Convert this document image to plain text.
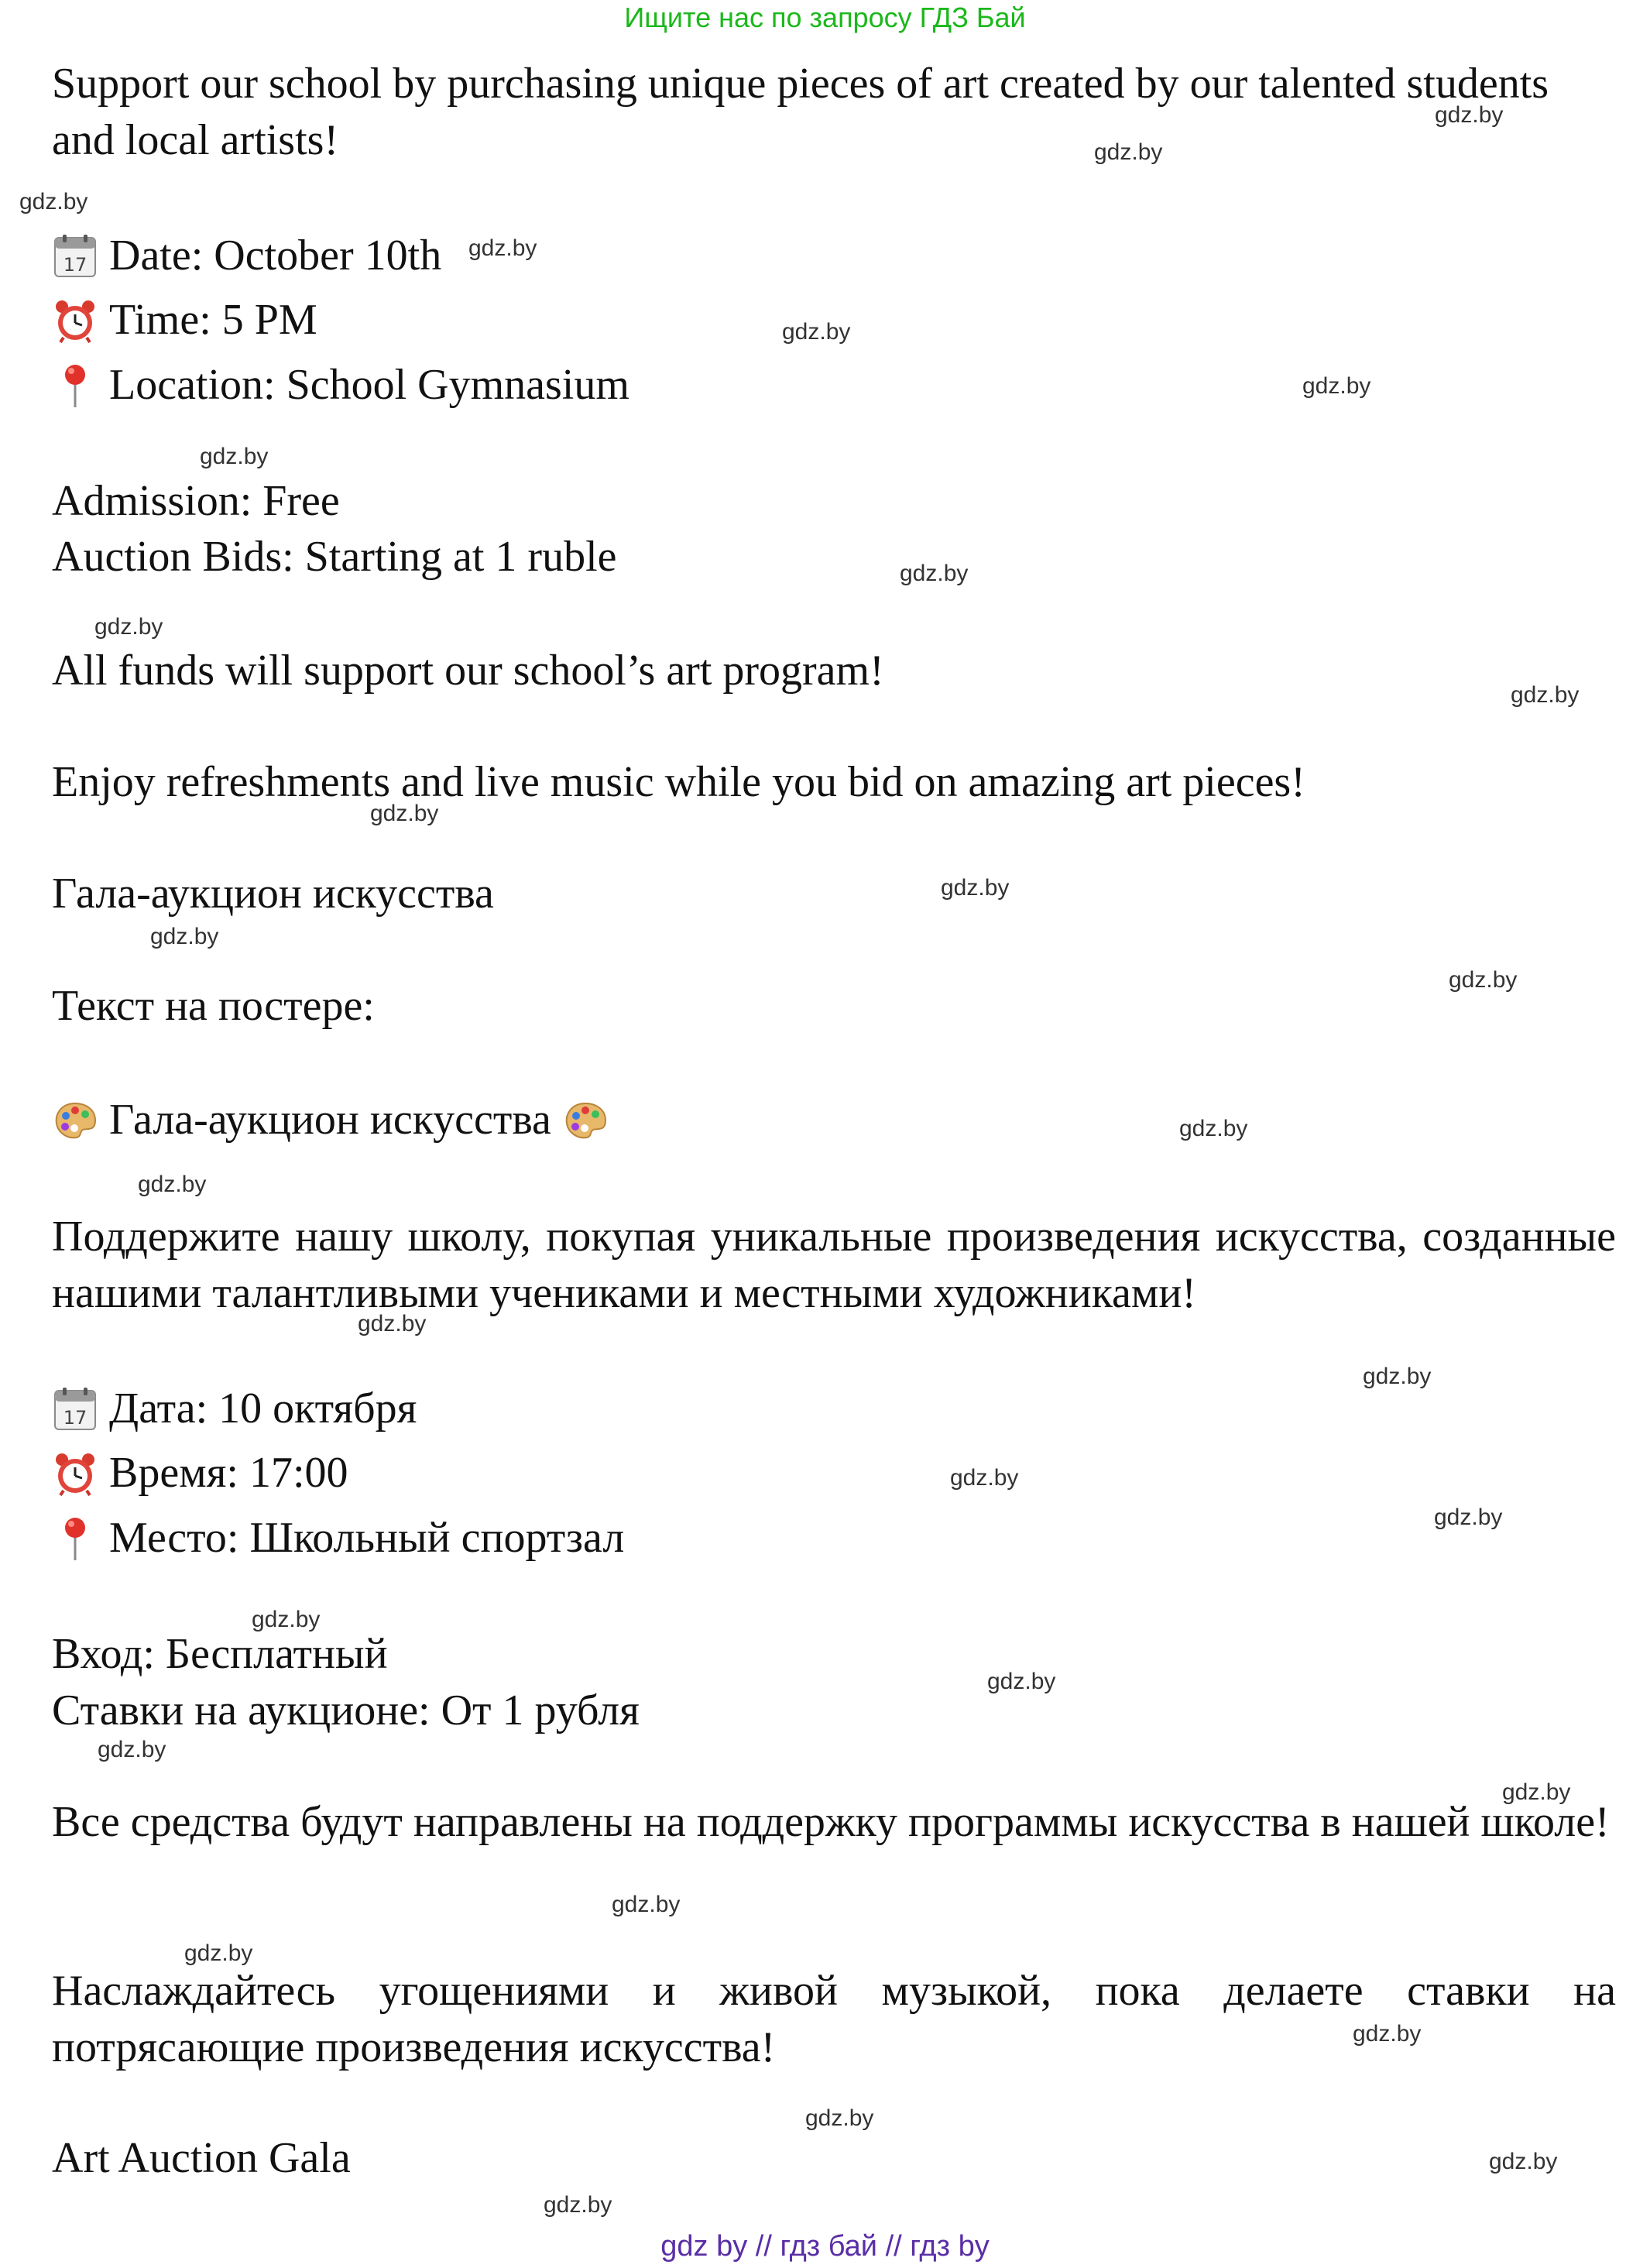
Ищите нас по запросу ГДЗ Бай
Support our school by purchasing unique pieces of art created by our talented students and local artists!
Date: October 10th
Time: 5 PM
Location: School Gymnasium
Admission: Free
Auction Bids: Starting at 1 ruble
All funds will support our school’s art program!
Enjoy refreshments and live music while you bid on amazing art pieces!
Гала-аукцион искусства
Текст на постере:
Гала-аукцион искусства
Поддержите нашу школу, покупая уникальные произведения искусства, созданные нашими талантливыми учениками и местными художниками!
Дата: 10 октября
Время: 17:00
Место: Школьный спортзал
Вход: Бесплатный
Ставки на аукционе: От 1 рубля
Все средства будут направлены на поддержку программы искусства в нашей школе!
Наслаждайтесь угощениями и живой музыкой, пока делаете ставки на потрясающие произведения искусства!
Art Auction Gala
gdz.by
gdz.by
gdz.by
gdz.by
gdz.by
gdz.by
gdz.by
gdz.by
gdz.by
gdz.by
gdz.by
gdz.by
gdz.by
gdz.by
gdz.by
gdz.by
gdz.by
gdz.by
gdz.by
gdz.by
gdz.by
gdz.by
gdz.by
gdz.by
gdz.by
gdz.by
gdz.by
gdz.by
gdz.by
gdz.by
gdz by // гдз бай // гдз by
